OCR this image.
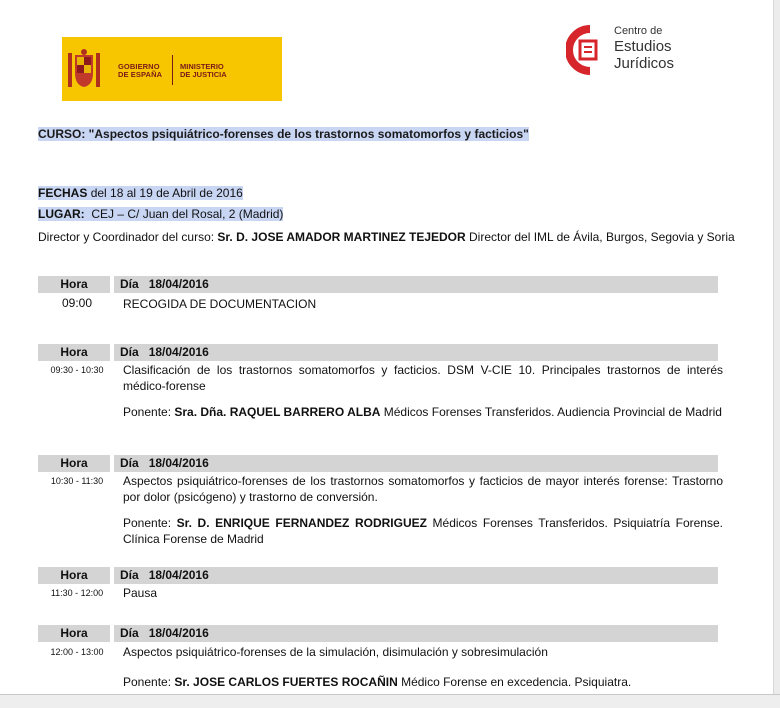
GOBIERNO
DE ESPAÑA
MINISTERIO
DE JUSTICIA
Centro de
Estudios
Jurídicos
CURSO: "Aspectos psiquiátrico-forenses de los trastornos somatomorfos y facticios"
FECHAS del 18 al 19 de Abril de 2016
LUGAR: CEJ – C/ Juan del Rosal, 2 (Madrid)
Director y Coordinador del curso: Sr. D. JOSE AMADOR MARTINEZ TEJEDOR Director del IML de Ávila, Burgos, Segovia y Soria
Hora	Día 18/04/2016
09:00	RECOGIDA DE DOCUMENTACION
Hora	Día 18/04/2016
09:30 - 10:30	Clasificación de los trastornos somatomorfos y facticios. DSM V-CIE 10. Principales trastornos de interés médico-forense
Ponente: Sra. Dña. RAQUEL BARRERO ALBA Médicos Forenses Transferidos. Audiencia Provincial de Madrid
Hora	Día 18/04/2016
10:30 - 11:30	Aspectos psiquiátrico-forenses de los trastornos somatomorfos y facticios de mayor interés forense: Trastorno por dolor (psicógeno) y trastorno de conversión.
Ponente: Sr. D. ENRIQUE FERNANDEZ RODRIGUEZ Médicos Forenses Transferidos. Psiquiatría Forense. Clínica Forense de Madrid
Hora	Día 18/04/2016
11:30 - 12:00	Pausa
Hora	Día 18/04/2016
12:00 - 13:00	Aspectos psiquiátrico-forenses de la simulación, disimulación y sobresimulación
Ponente: Sr. JOSE CARLOS FUERTES ROCAÑIN Médico Forense en excedencia. Psiquiatra.
